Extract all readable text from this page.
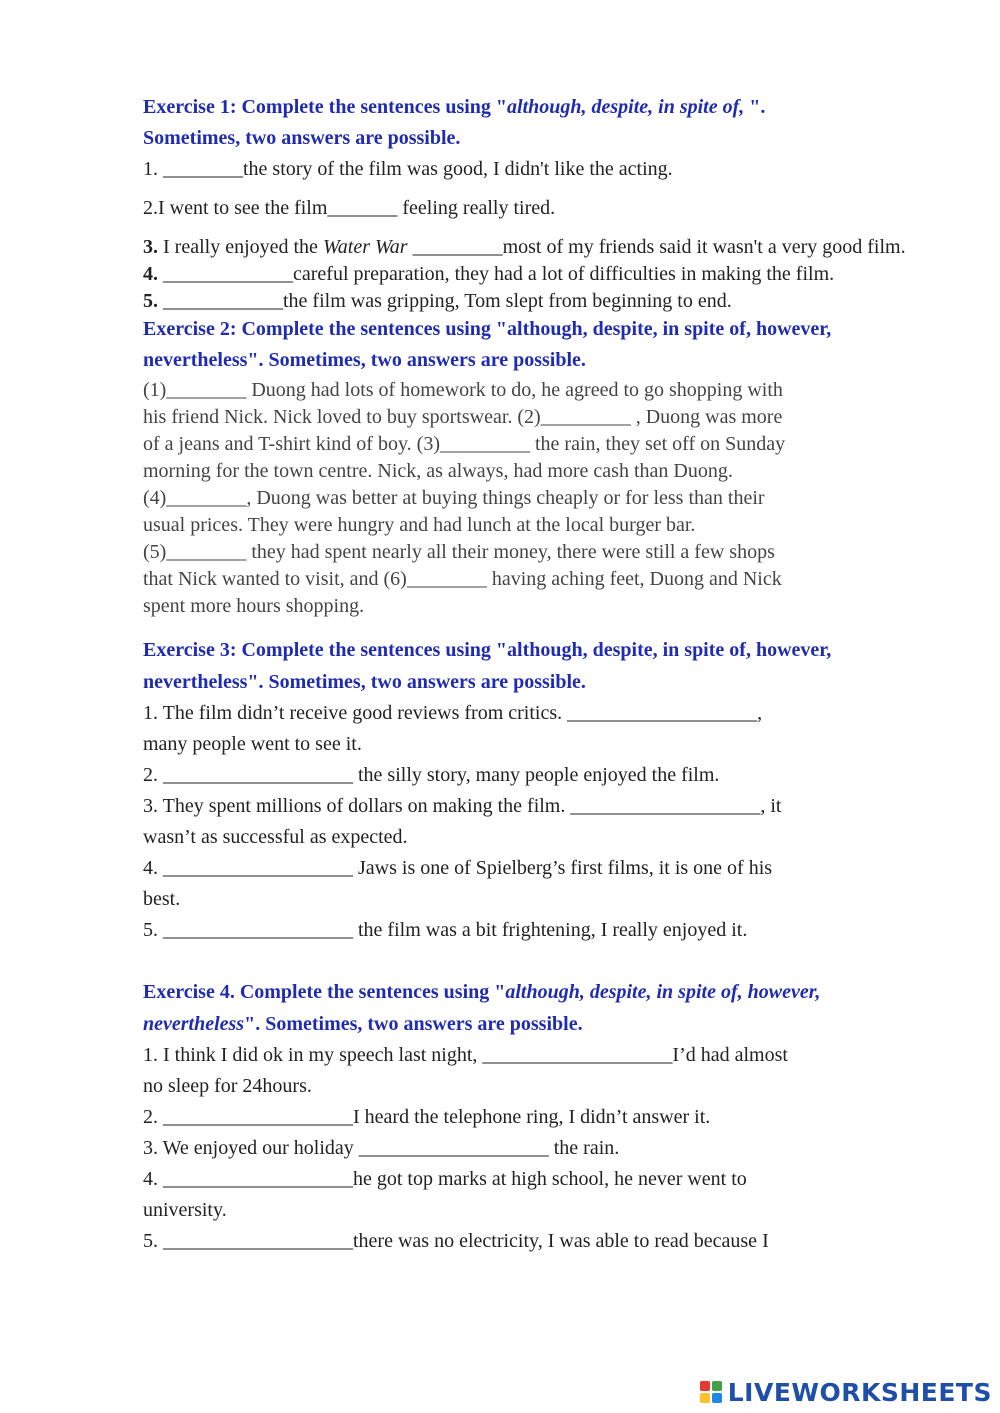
Exercise 1: Complete the sentences using "although, despite, in spite of, ".
Sometimes, two answers are possible.

1. ________the story of the film was good, I didn't like the acting.

2.I went to see the film_______ feeling really tired.

3. I really enjoyed the Water War _________most of my friends said it wasn't a very good film.

4. _____________careful preparation, they had a lot of difficulties in making the film.

5. ____________the film was gripping, Tom slept from beginning to end.

Exercise 2: Complete the sentences using "although, despite, in spite of, however, nevertheless". Sometimes, two answers are possible.

(1)________ Duong had lots of homework to do, he agreed to go shopping with

his friend Nick. Nick loved to buy sportswear. (2)_________ , Duong was more

of a jeans and T-shirt kind of boy. (3)_________ the rain, they set off on Sunday

morning for the town centre. Nick, as always, had more cash than Duong.

(4)________, Duong was better at buying things cheaply or for less than their

usual prices. They were hungry and had lunch at the local burger bar.

(5)________ they had spent nearly all their money, there were still a few shops

that Nick wanted to visit, and (6)________ having aching feet, Duong and Nick

spent more hours shopping.

Exercise 3: Complete the sentences using "although, despite, in spite of, however, nevertheless". Sometimes, two answers are possible.

1. The film didn’t receive good reviews from critics. ___________________,

many people went to see it.

2. ___________________ the silly story, many people enjoyed the film.

3. They spent millions of dollars on making the film. ___________________, it

wasn’t as successful as expected.

4. ___________________ Jaws is one of Spielberg’s first films, it is one of his

best.

5. ___________________ the film was a bit frightening, I really enjoyed it.

Exercise 4. Complete the sentences using "although, despite, in spite of, however, nevertheless". Sometimes, two answers are possible.

1. I think I did ok in my speech last night, ___________________I’d had almost

no sleep for 24hours.

2. ___________________I heard the telephone ring, I didn’t answer it.

3. We enjoyed our holiday ___________________ the rain.

4. ___________________he got top marks at high school, he never went to

university.

5. ___________________there was no electricity, I was able to read because I

LIVEWORKSHEETS
